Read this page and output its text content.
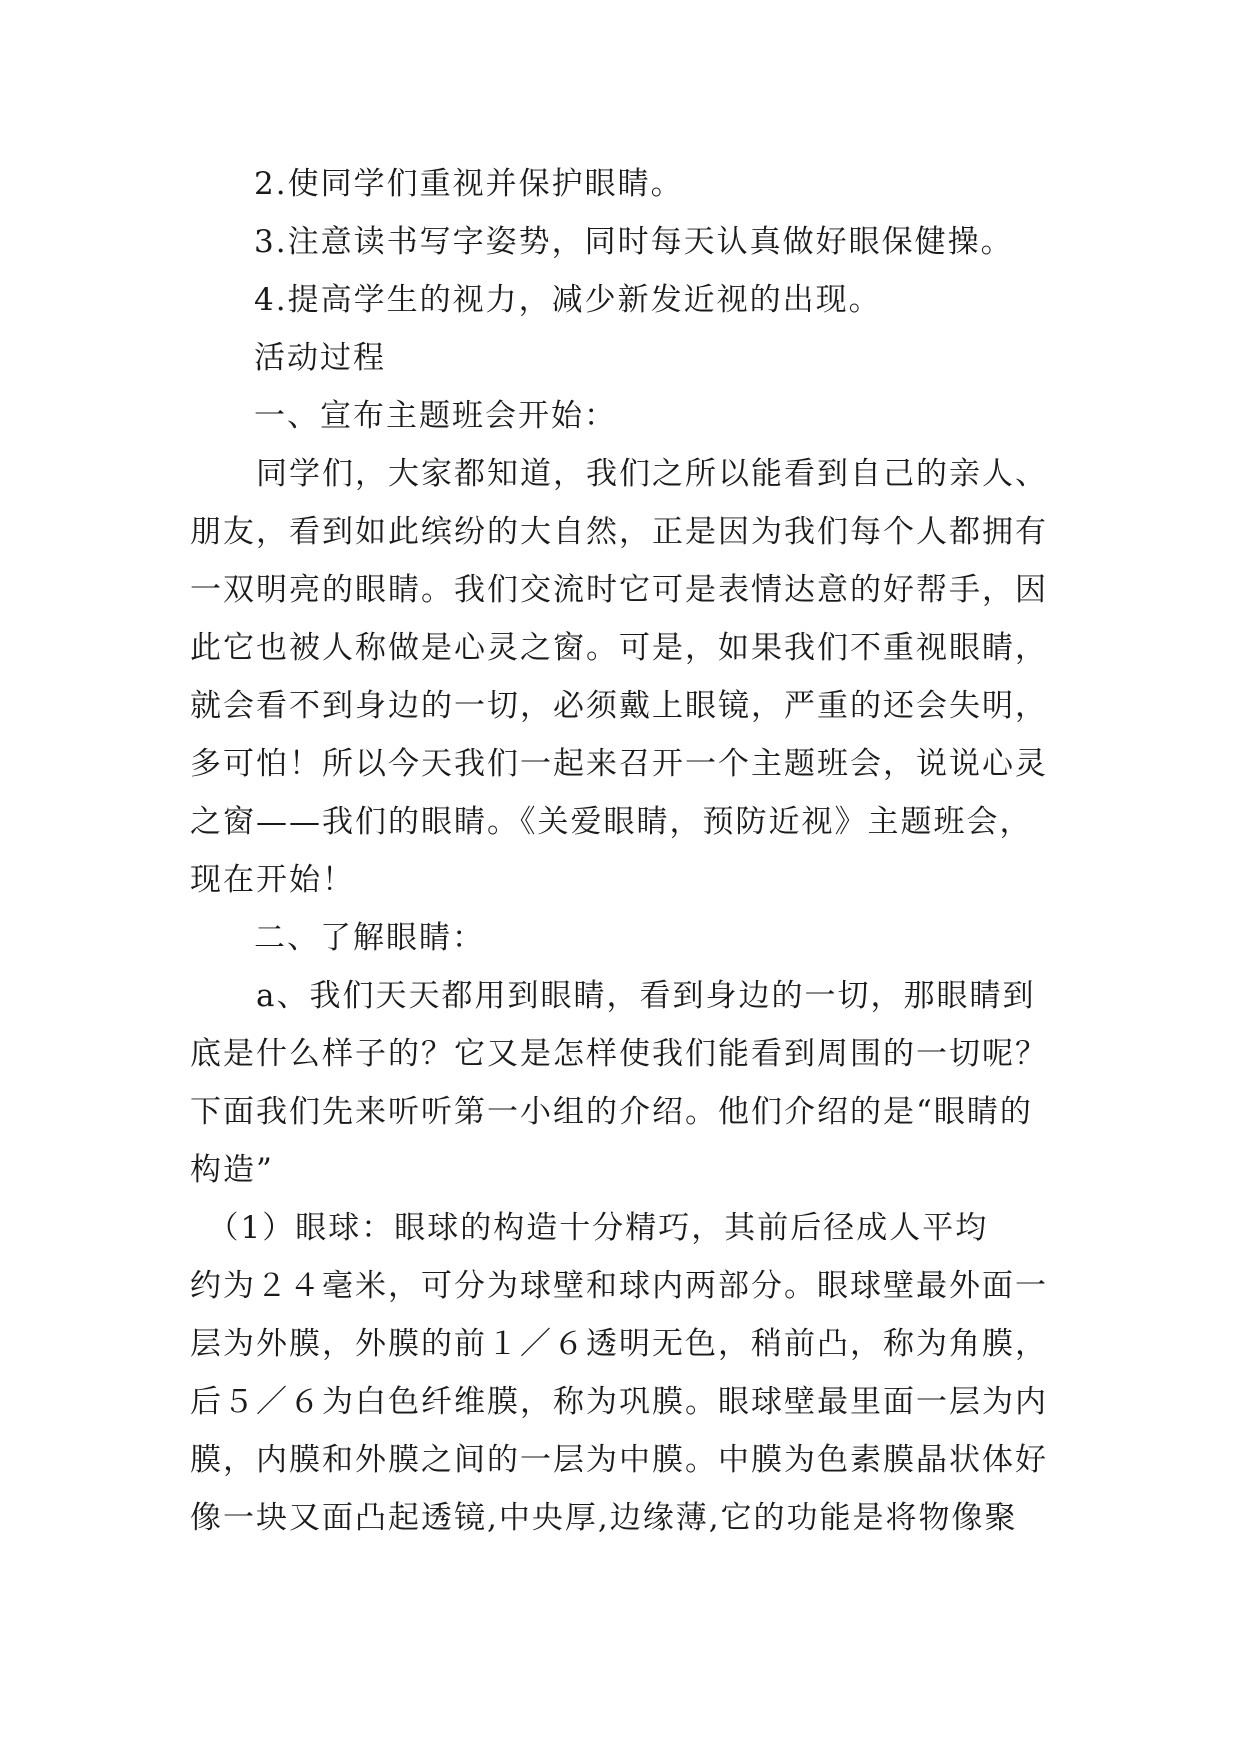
2.使同学们重视并保护眼睛。
3.注意读书写字姿势，同时每天认真做好眼保健操。
4.提高学生的视力，减少新发近视的出现。
活动过程
一、宣布主题班会开始：
　　同学们，大家都知道，我们之所以能看到自己的亲人、
朋友，看到如此缤纷的大自然，正是因为我们每个人都拥有
一双明亮的眼睛。我们交流时它可是表情达意的好帮手，因
此它也被人称做是心灵之窗。可是，如果我们不重视眼睛，
就会看不到身边的一切，必须戴上眼镜，严重的还会失明，
多可怕！所以今天我们一起来召开一个主题班会，说说心灵
之窗——我们的眼睛。《关爱眼睛，预防近视》主题班会，
现在开始！
二、了解眼睛：
　　a、我们天天都用到眼睛，看到身边的一切，那眼睛到
底是什么样子的？它又是怎样使我们能看到周围的一切呢？
下面我们先来听听第一小组的介绍。他们介绍的是“眼睛的
构造”
　（1）眼球：眼球的构造十分精巧，其前后径成人平均
约为２４毫米，可分为球壁和球内两部分。眼球壁最外面一
层为外膜，外膜的前１／６透明无色，稍前凸，称为角膜，
后５／６为白色纤维膜，称为巩膜。眼球壁最里面一层为内
膜，内膜和外膜之间的一层为中膜。中膜为色素膜晶状体好
像一块又面凸起透镜,中央厚,边缘薄,它的功能是将物像聚
